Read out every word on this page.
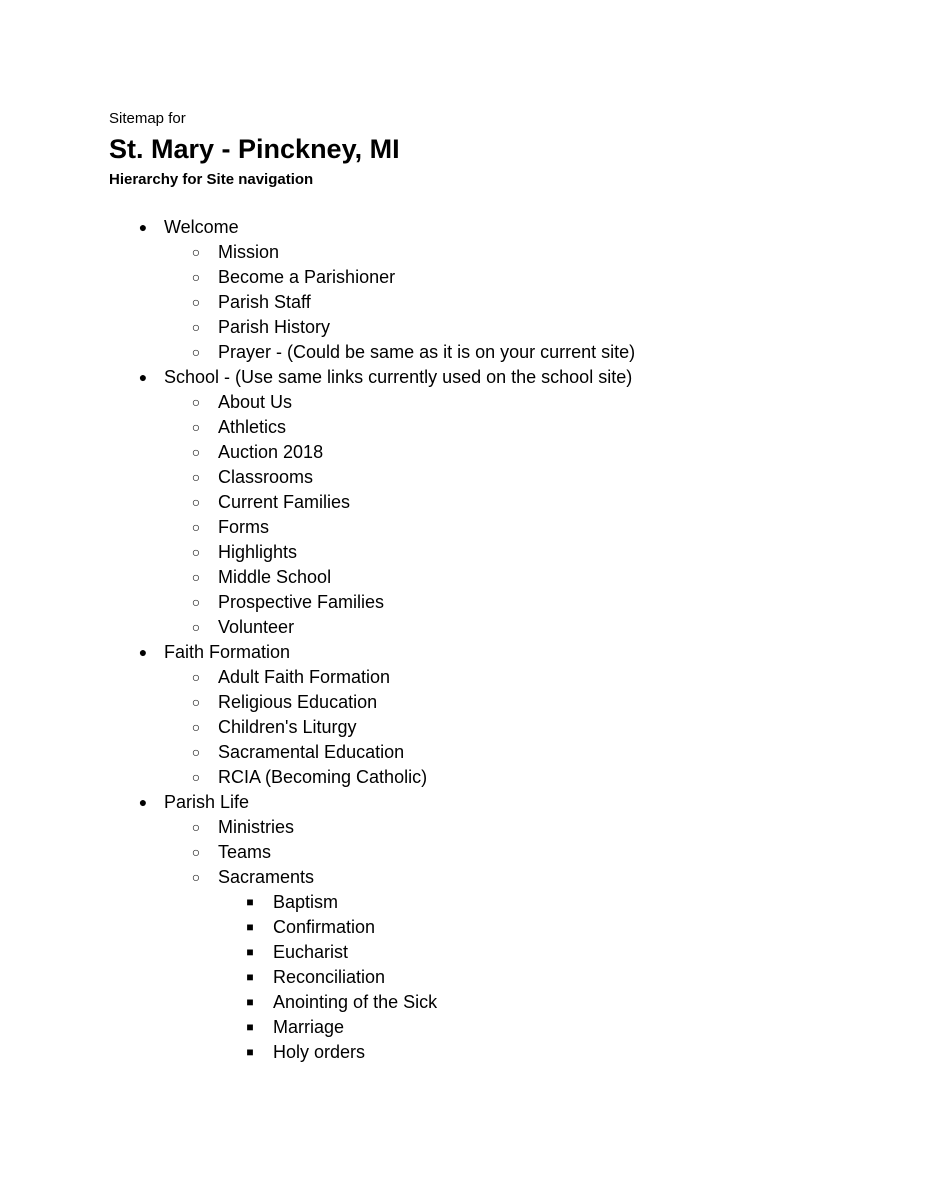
Sitemap for
St. Mary - Pinckney, MI
Hierarchy for Site navigation
● Welcome
○ Mission
○ Become a Parishioner
○ Parish Staff
○ Parish History
○ Prayer - (Could be same as it is on your current site)
● School - (Use same links currently used on the school site)
○ About Us
○ Athletics
○ Auction 2018
○ Classrooms
○ Current Families
○ Forms
○ Highlights
○ Middle School
○ Prospective Families
○ Volunteer
● Faith Formation
○ Adult Faith Formation
○ Religious Education
○ Children's Liturgy
○ Sacramental Education
○ RCIA (Becoming Catholic)
● Parish Life
○ Ministries
○ Teams
○ Sacraments
■ Baptism
■ Confirmation
■ Eucharist
■ Reconciliation
■ Anointing of the Sick
■ Marriage
■ Holy orders
